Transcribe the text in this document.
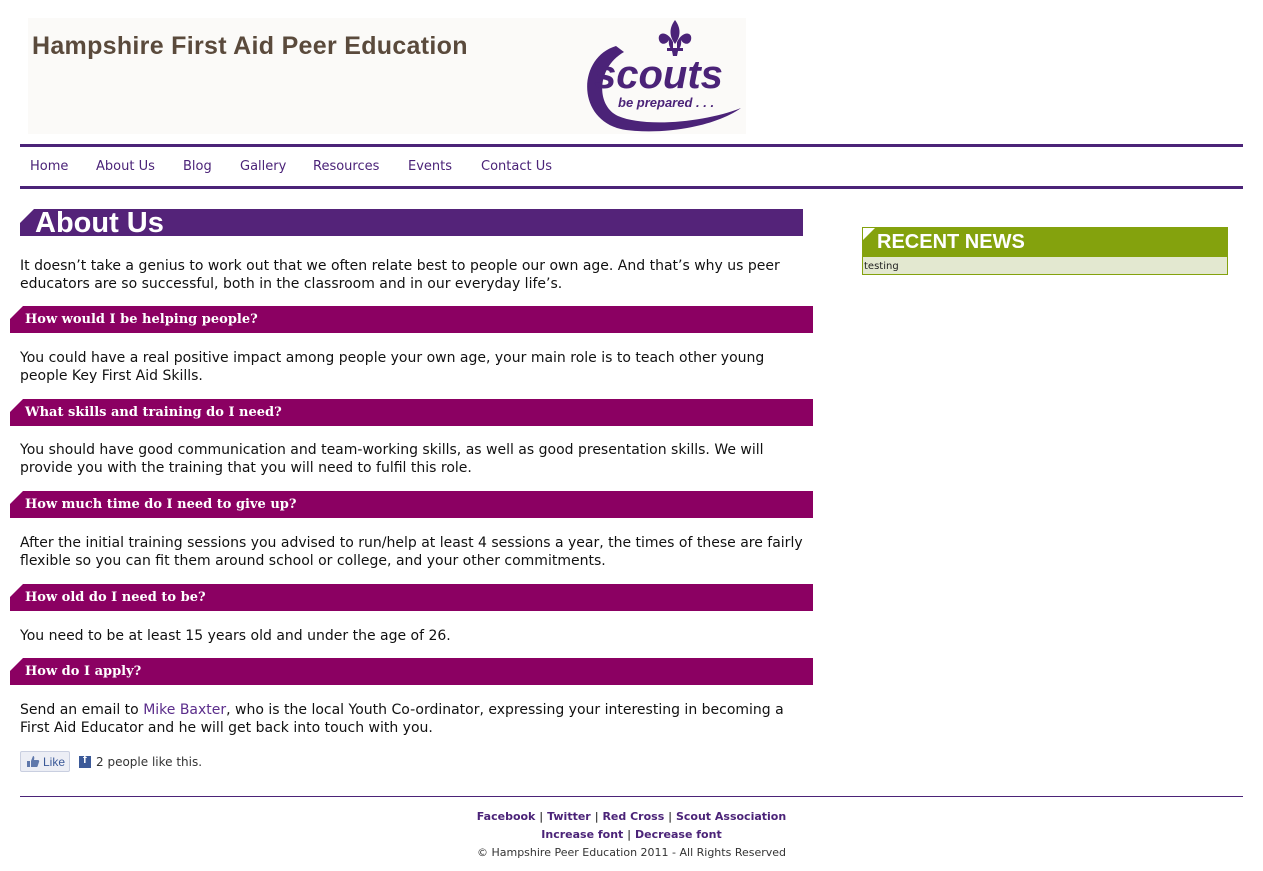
Hampshire First Aid Peer Education
scouts
be prepared . . .
Home About Us Blog Gallery Resources Events Contact Us
About Us
It doesn’t take a genius to work out that we often relate best to people our own age. And that’s why us peer educators are so successful, both in the classroom and in our everyday life’s.
How would I be helping people?
You could have a real positive impact among people your own age, your main role is to teach other young people Key First Aid Skills.
What skills and training do I need?
You should have good communication and team-working skills, as well as good presentation skills. We will provide you with the training that you will need to fulfil this role.
How much time do I need to give up?
After the initial training sessions you advised to run/help at least 4 sessions a year, the times of these are fairly flexible so you can fit them around school or college, and your other commitments.
How old do I need to be?
You need to be at least 15 years old and under the age of 26.
How do I apply?
Send an email to Mike Baxter, who is the local Youth Co-ordinator, expressing your interesting in becoming a First Aid Educator and he will get back into touch with you.
Like f 2 people like this.
RECENT NEWS
testing
Facebook | Twitter | Red Cross | Scout Association
Increase font | Decrease font
© Hampshire Peer Education 2011 - All Rights Reserved
